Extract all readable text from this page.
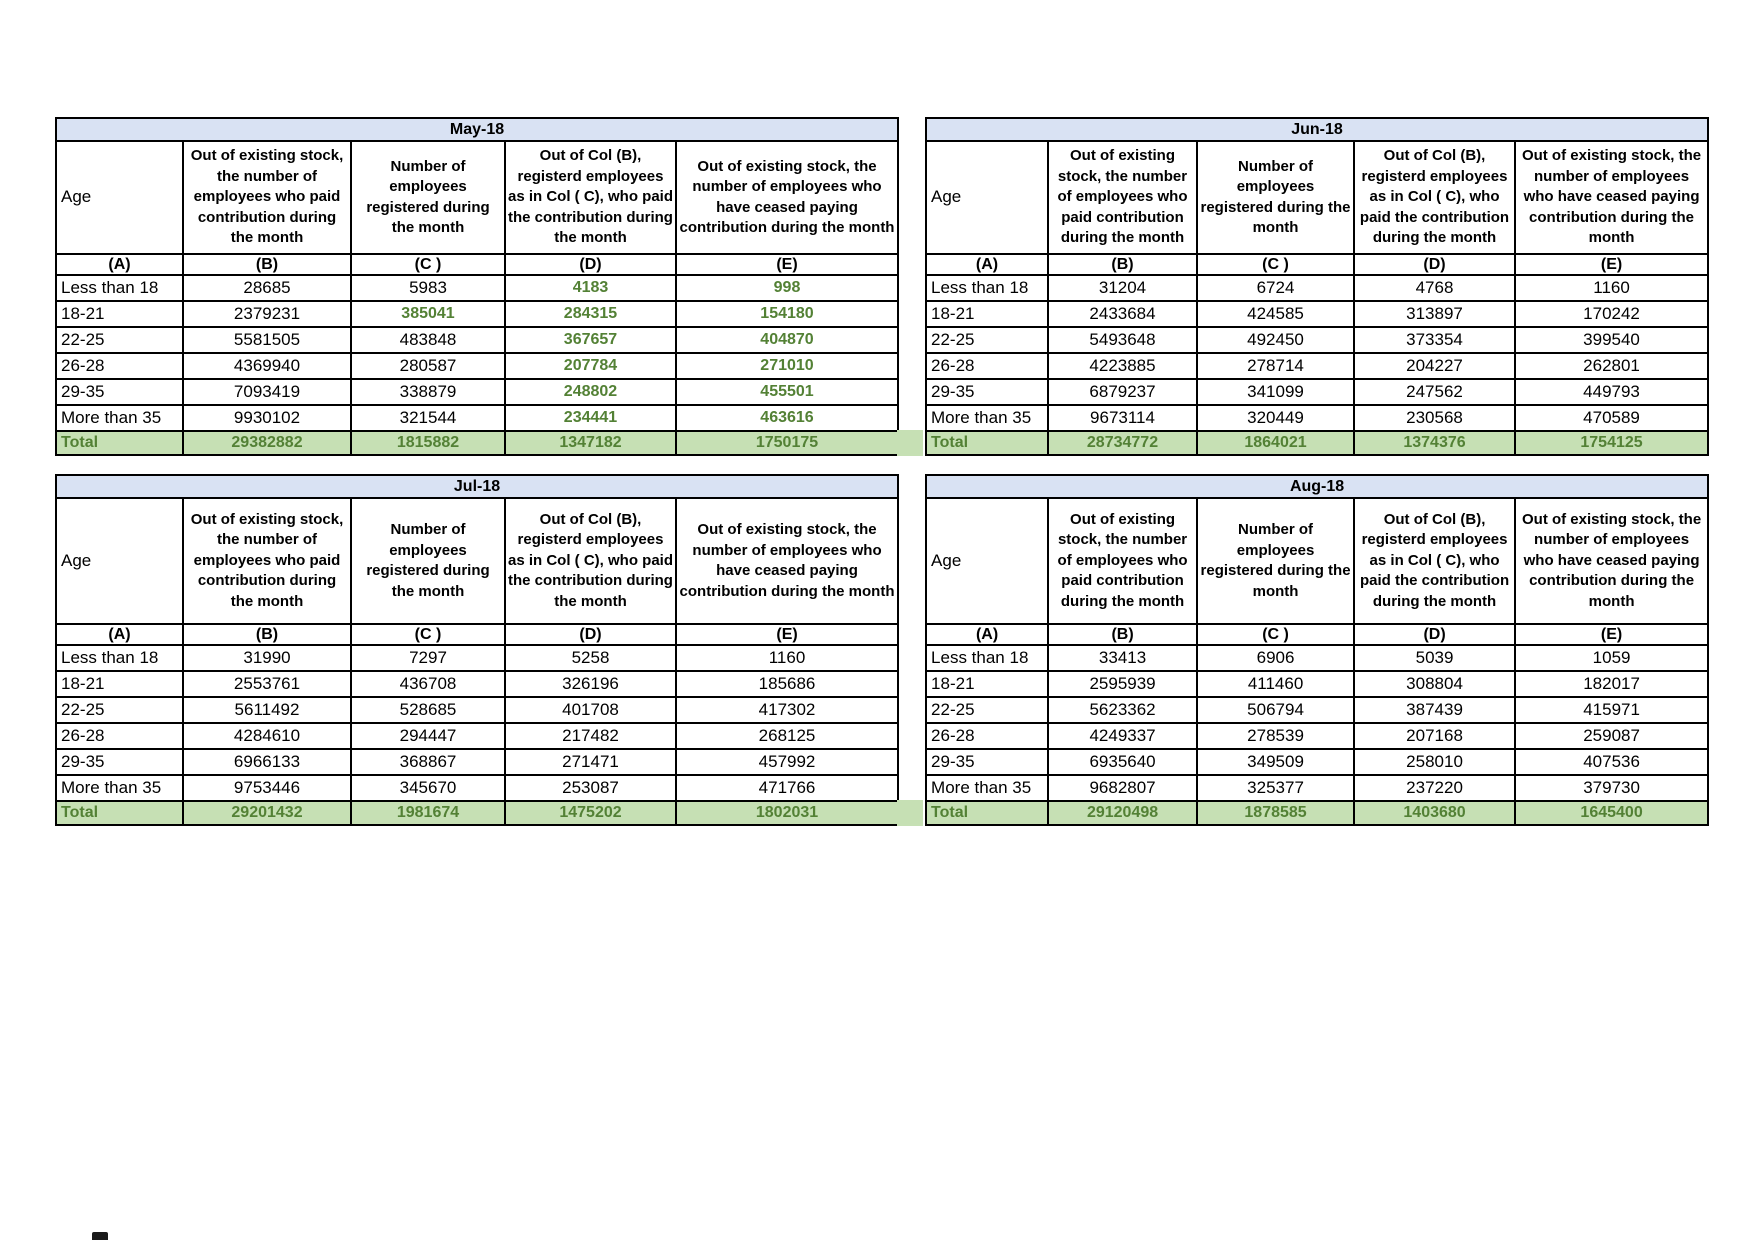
May-18				
Age	Out of existing stock, the number of employees who paid contribution during the month	Number of employees registered during the month	Out of Col (B), registerd employees as in Col ( C), who paid the contribution during the month	Out of existing stock, the number of employees who have ceased paying contribution during the month

(A)	(B)	(C )	(D)	(E)
Less than 18	28685	5983	4183	998
18-21	2379231	385041	284315	154180
22-25	5581505	483848	367657	404870
26-28	4369940	280587	207784	271010
29-35	7093419	338879	248802	455501
More than 35	9930102	321544	234441	463616
Total	29382882	1815882	1347182	1750175
Jun-18				
Age	Out of existing stock, the number of employees who paid contribution during the month	Number of employees registered during the month	Out of Col (B), registerd employees as in Col ( C), who paid the contribution during the month	Out of existing stock, the number of employees who have ceased paying contribution during the month

(A)	(B)	(C )	(D)	(E)
Less than 18	31204	6724	4768	1160
18-21	2433684	424585	313897	170242
22-25	5493648	492450	373354	399540
26-28	4223885	278714	204227	262801
29-35	6879237	341099	247562	449793
More than 35	9673114	320449	230568	470589
Total	28734772	1864021	1374376	1754125
Jul-18				
Age	Out of existing stock, the number of employees who paid contribution during the month	Number of employees registered during the month	Out of Col (B), registerd employees as in Col ( C), who paid the contribution during the month	Out of existing stock, the number of employees who have ceased paying contribution during the month

(A)	(B)	(C )	(D)	(E)
Less than 18	31990	7297	5258	1160
18-21	2553761	436708	326196	185686
22-25	5611492	528685	401708	417302
26-28	4284610	294447	217482	268125
29-35	6966133	368867	271471	457992
More than 35	9753446	345670	253087	471766
Total	29201432	1981674	1475202	1802031
Aug-18				
Age	Out of existing stock, the number of employees who paid contribution during the month	Number of employees registered during the month	Out of Col (B), registerd employees as in Col ( C), who paid the contribution during the month	Out of existing stock, the number of employees who have ceased paying contribution during the month

(A)	(B)	(C )	(D)	(E)
Less than 18	33413	6906	5039	1059
18-21	2595939	411460	308804	182017
22-25	5623362	506794	387439	415971
26-28	4249337	278539	207168	259087
29-35	6935640	349509	258010	407536
More than 35	9682807	325377	237220	379730
Total	29120498	1878585	1403680	1645400
